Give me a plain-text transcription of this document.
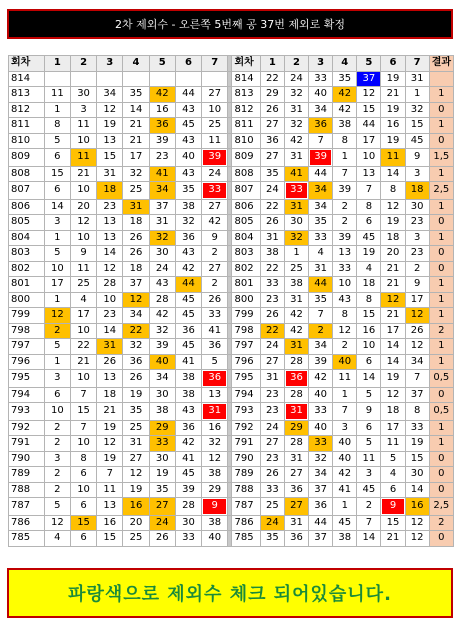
2차 제외수 - 오른쪽 5번째 공 37번 제외로 확정
회차	1	2	3	4	5	6	7		회차	1	2	3	4	5	6	7	결과
814									814	22	24	33	35	37	19	31	
813	11	30	34	35	42	44	27		813	29	32	40	42	12	21	1	1
812	1	3	12	14	16	43	10		812	26	31	34	42	15	19	32	0
811	8	11	19	21	36	45	25		811	27	32	36	38	44	16	15	1
810	5	10	13	21	39	43	11		810	36	42	7	8	17	19	45	0
809	6	11	15	17	23	40	39		809	27	31	39	1	10	11	9	1,5
808	15	21	31	32	41	43	24		808	35	41	44	7	13	14	3	1
807	6	10	18	25	34	35	33		807	24	33	34	39	7	8	18	2,5
806	14	20	23	31	37	38	27		806	22	31	34	2	8	12	30	1
805	3	12	13	18	31	32	42		805	26	30	35	2	6	19	23	0
804	1	10	13	26	32	36	9		804	31	32	33	39	45	18	3	1
803	5	9	14	26	30	43	2		803	38	1	4	13	19	20	23	0
802	10	11	12	18	24	42	27		802	22	25	31	33	4	21	2	0
801	17	25	28	37	43	44	2		801	33	38	44	10	18	21	9	1
800	1	4	10	12	28	45	26		800	23	31	35	43	8	12	17	1
799	12	17	23	34	42	45	33		799	26	42	7	8	15	21	12	1
798	2	10	14	22	32	36	41		798	22	42	2	12	16	17	26	2
797	5	22	31	32	39	45	36		797	24	31	34	2	10	14	12	1
796	1	21	26	36	40	41	5		796	27	28	39	40	6	14	34	1
795	3	10	13	26	34	38	36		795	31	36	42	11	14	19	7	0,5
794	6	7	18	19	30	38	13		794	23	28	40	1	5	12	37	0
793	10	15	21	35	38	43	31		793	23	31	33	7	9	18	8	0,5
792	2	7	19	25	29	36	16		792	24	29	40	3	6	17	33	1
791	2	10	12	31	33	42	32		791	27	28	33	40	5	11	19	1
790	3	8	19	27	30	41	12		790	23	31	32	40	11	5	15	0
789	2	6	7	12	19	45	38		789	26	27	34	42	3	4	30	0
788	2	10	11	19	35	39	29		788	33	36	37	41	45	6	14	0
787	5	6	13	16	27	28	9		787	25	27	36	1	2	9	16	2,5
786	12	15	16	20	24	30	38		786	24	31	44	45	7	15	12	2
785	4	6	15	25	26	33	40		785	35	36	37	38	14	21	12	0
파랑색으로 제외수 체크 되어있습니다.
